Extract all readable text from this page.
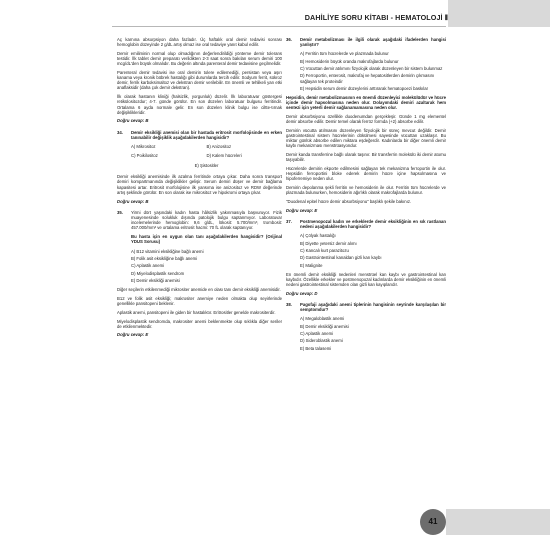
DAHİLİYE SORU KİTABI - HEMATOLOJİ ⦀

Aç karnına absorpsiyon daha fazladır. Üç haftalık oral demir tedavisi sonrası hemoglobin düzeyinde 2 g/dL artış olmaz ise oral tedaviye yanıt kabul edilir.

Demir emiliminin normal olup olmadığının değerlendirildiği yönteme demir tolerans testidir. İlk tablet demir preparatı verildikten 2-3 saat sonra bakılan serum demiri 100 mcg/dL'den büyük olmalıdır. Bu değerin altında parenteral demir tedavisine geçilmelidir.

Parenteral demir tedavisi ise oral demirin tolere edilemediği, persistan veya aşırı kanama veya kronik böbrek hastalığı gibi durumlarda tercih edilir. Sodyum ferrit, sükroz demir, ferrik karboksimaltoz ve dekstran demir verilebilir. En önemli ve tehlikeli yan etki anaflaksidir (daha çok demir dekstran).

İlk olarak hastanın kliniği (halsizlik, yorgunluk) düzelir. İlk laboratuvar göstergesi retikülositozdur; 4-7. günde görülür. En son düzelen laboratuar bulgusu ferritindir. Ortalama 6 ayda normale gelir. En son düzelen klinik bulgu ise ciltte-tırnak değişiklikleridir.

Doğru cevap: B

34.	Demir eksikliği anemisi olan bir hastada eritrosit morfolojisinde en erken tanınabilir değişiklik aşağıdakilerden hangisidir?
A) Mikrositoz	B) Anizositoz
C) Poikilositoz	D) Kalem hücreleri
E) Şistositler

Demir eksikliği anemisinde ilk azalma ferritinde ortaya çıkar. Daha sonra transport demiri kompartmanında değişiklikler gelişir. Serum demiri düşer ve demir bağlama kapasitesi artar. Eritrosit morfolojisine ilk yansıma ise anizositoz ve RDW değerinde artış şeklinde görülür. En son olarak ise mikrositoz ve hipokromi ortaya çıkar.

Doğru cevap: B

35.	Yirmi dört yaşındaki kadın hasta hâlsizlik yakınmasıyla başvuruyor. Fizik muayenesinde solukluk dışında patolojik bulgu saptanmıyor. Laboratuvar incelemelerinde hemoglobin: 9,6 g/dL, lökosit: 5.700/mm³, trombosit: 457.000/mm³ ve ortalama eritrosit hacmi: 70 fL olarak saptanıyor.
Bu hasta için en uygun olan tanı aşağıdakilerden hangisidir? (Orijinal YDUS Sorusu)
A) B12 vitamini eksikliğine bağlı anemi
B) Folik asit eksikliğine bağlı anemi
C) Aplastik anemi
D) Miyelodisplastik sendrom
E) Demir eksikliği anemisi

Diğer seçilerin etkilenmediği mikrositer anemide en olası tanı demir eksikliği anemisidir.

B12 ve folik asit eksikliği; makrositer anemiye neden olmakta olup seyirlerinde genellikle pansitopeni beklenir.

Aplastik anemi, pansitopeni ile giden bir hastalıktır. Eritrositler genelde makrositerdir.

Miyelodisplastik sendromda, makrositer anemi beklenmekte olup sıklıkla diğer seriler de etkilenmektedir.

Doğru cevap: E

36.	Demir metabolizması ile ilgili olarak aşağıdaki ifadelerden hangisi yanlıştır?
A) Ferritin tüm hücrelerde ve plazmada bulunur
B) Hemosiderin büyük oranda makrofajlarda bulunur
C) Vücuttan demir atılımını fizyolojik olarak düzenleyen bir sistem bulunmaz
D) Ferroportin, enterosit, makrofaj ve hepatositlerden demirin çıkmasını sağlayan tek proteindir
E) Hepsidin serum demir düzeylerini arttırarak hematopoezi baskılar

Hepsidin, demir metabolizmasının en önemli düzenleyici molekülüdür ve hücre içinde demir hapsolmasına neden olur. Dolayımdaki demiri azaltarak hem sentezi için yeterli demir sağlanamamasına neden olur.

Demir absorbsiyonu özellikle duodenumdan gerçekleşir. Günde 1 mg elementel demir absorbe edilir. Demir temel olarak ferröz formda (+2) absorbe edilir.

Demirin vücutta atılmasını düzenleyen fizyolojik bir süreç mevcut değildir. Demir gastrointestinal sistem hücrelerinin dökülmesi sayesinde vücuttan uzaklaşır. Bu miktar günlük absorbe edilen miktara eşdeğerdir. Kadınlarda bir diğer önemli demir kaybı mekanizması menstrüasyondur.

Demir kanda transferrine bağlı olarak taşınır. Bir transferrin molekülü iki demir atomu taşıyabilir.

Hücrelerde demirin ekporte edilmesini sağlayan tek mekanizma ferroportin ile olur. Hepsidin ferroportini bloke ederek demirin hücre içine hapsolmasına ve hipoferremiye neden olur.

Demirin depolanma şekli ferritin ve hemosiderin ile olur. Ferritin tüm hücrelerde ve plazmada bulunurken, hemosiderin ağırlıklı olarak makrofajlarda bulunur.

"Duodenal epitel hücre demir absorbsiyonu" başlıklı şekile bakınız.

Doğru cevap: E

37.	Postmenopozal kadın ve erkeklerde demir eksikliğinin en sık rastlanan nedeni aşağıdakilerden hangisidir?
A) Çölyak hastalığı
B) Diyette yetersiz demir alımı
C) Kancalı kurt parazitozu
D) Gastrointestinal kanaldan gizli kan kaybı
E) Malignite

En önemli demir eksikliği nedenleri menstrüel kan kaybı ve gastrointestinal kan kaybıdır. Özellikle erkekler ve postmenopozal kadınlarda demir eksikliğinin en önemli nedeni gastrointestinal sistemden olan gizli kan kayıplarıdır.

Doğru cevap: D

38.	Pagofaji aşağıdaki anemi tiplerinin hangisinin seyrinde karşılaşılan bir semptomdur?
A) Megaloblastik anemi
B) Demir eksikliği anemisi
C) Aplastik anemi
D) Sideroblastik anemi
E) Beta talasemi
41
